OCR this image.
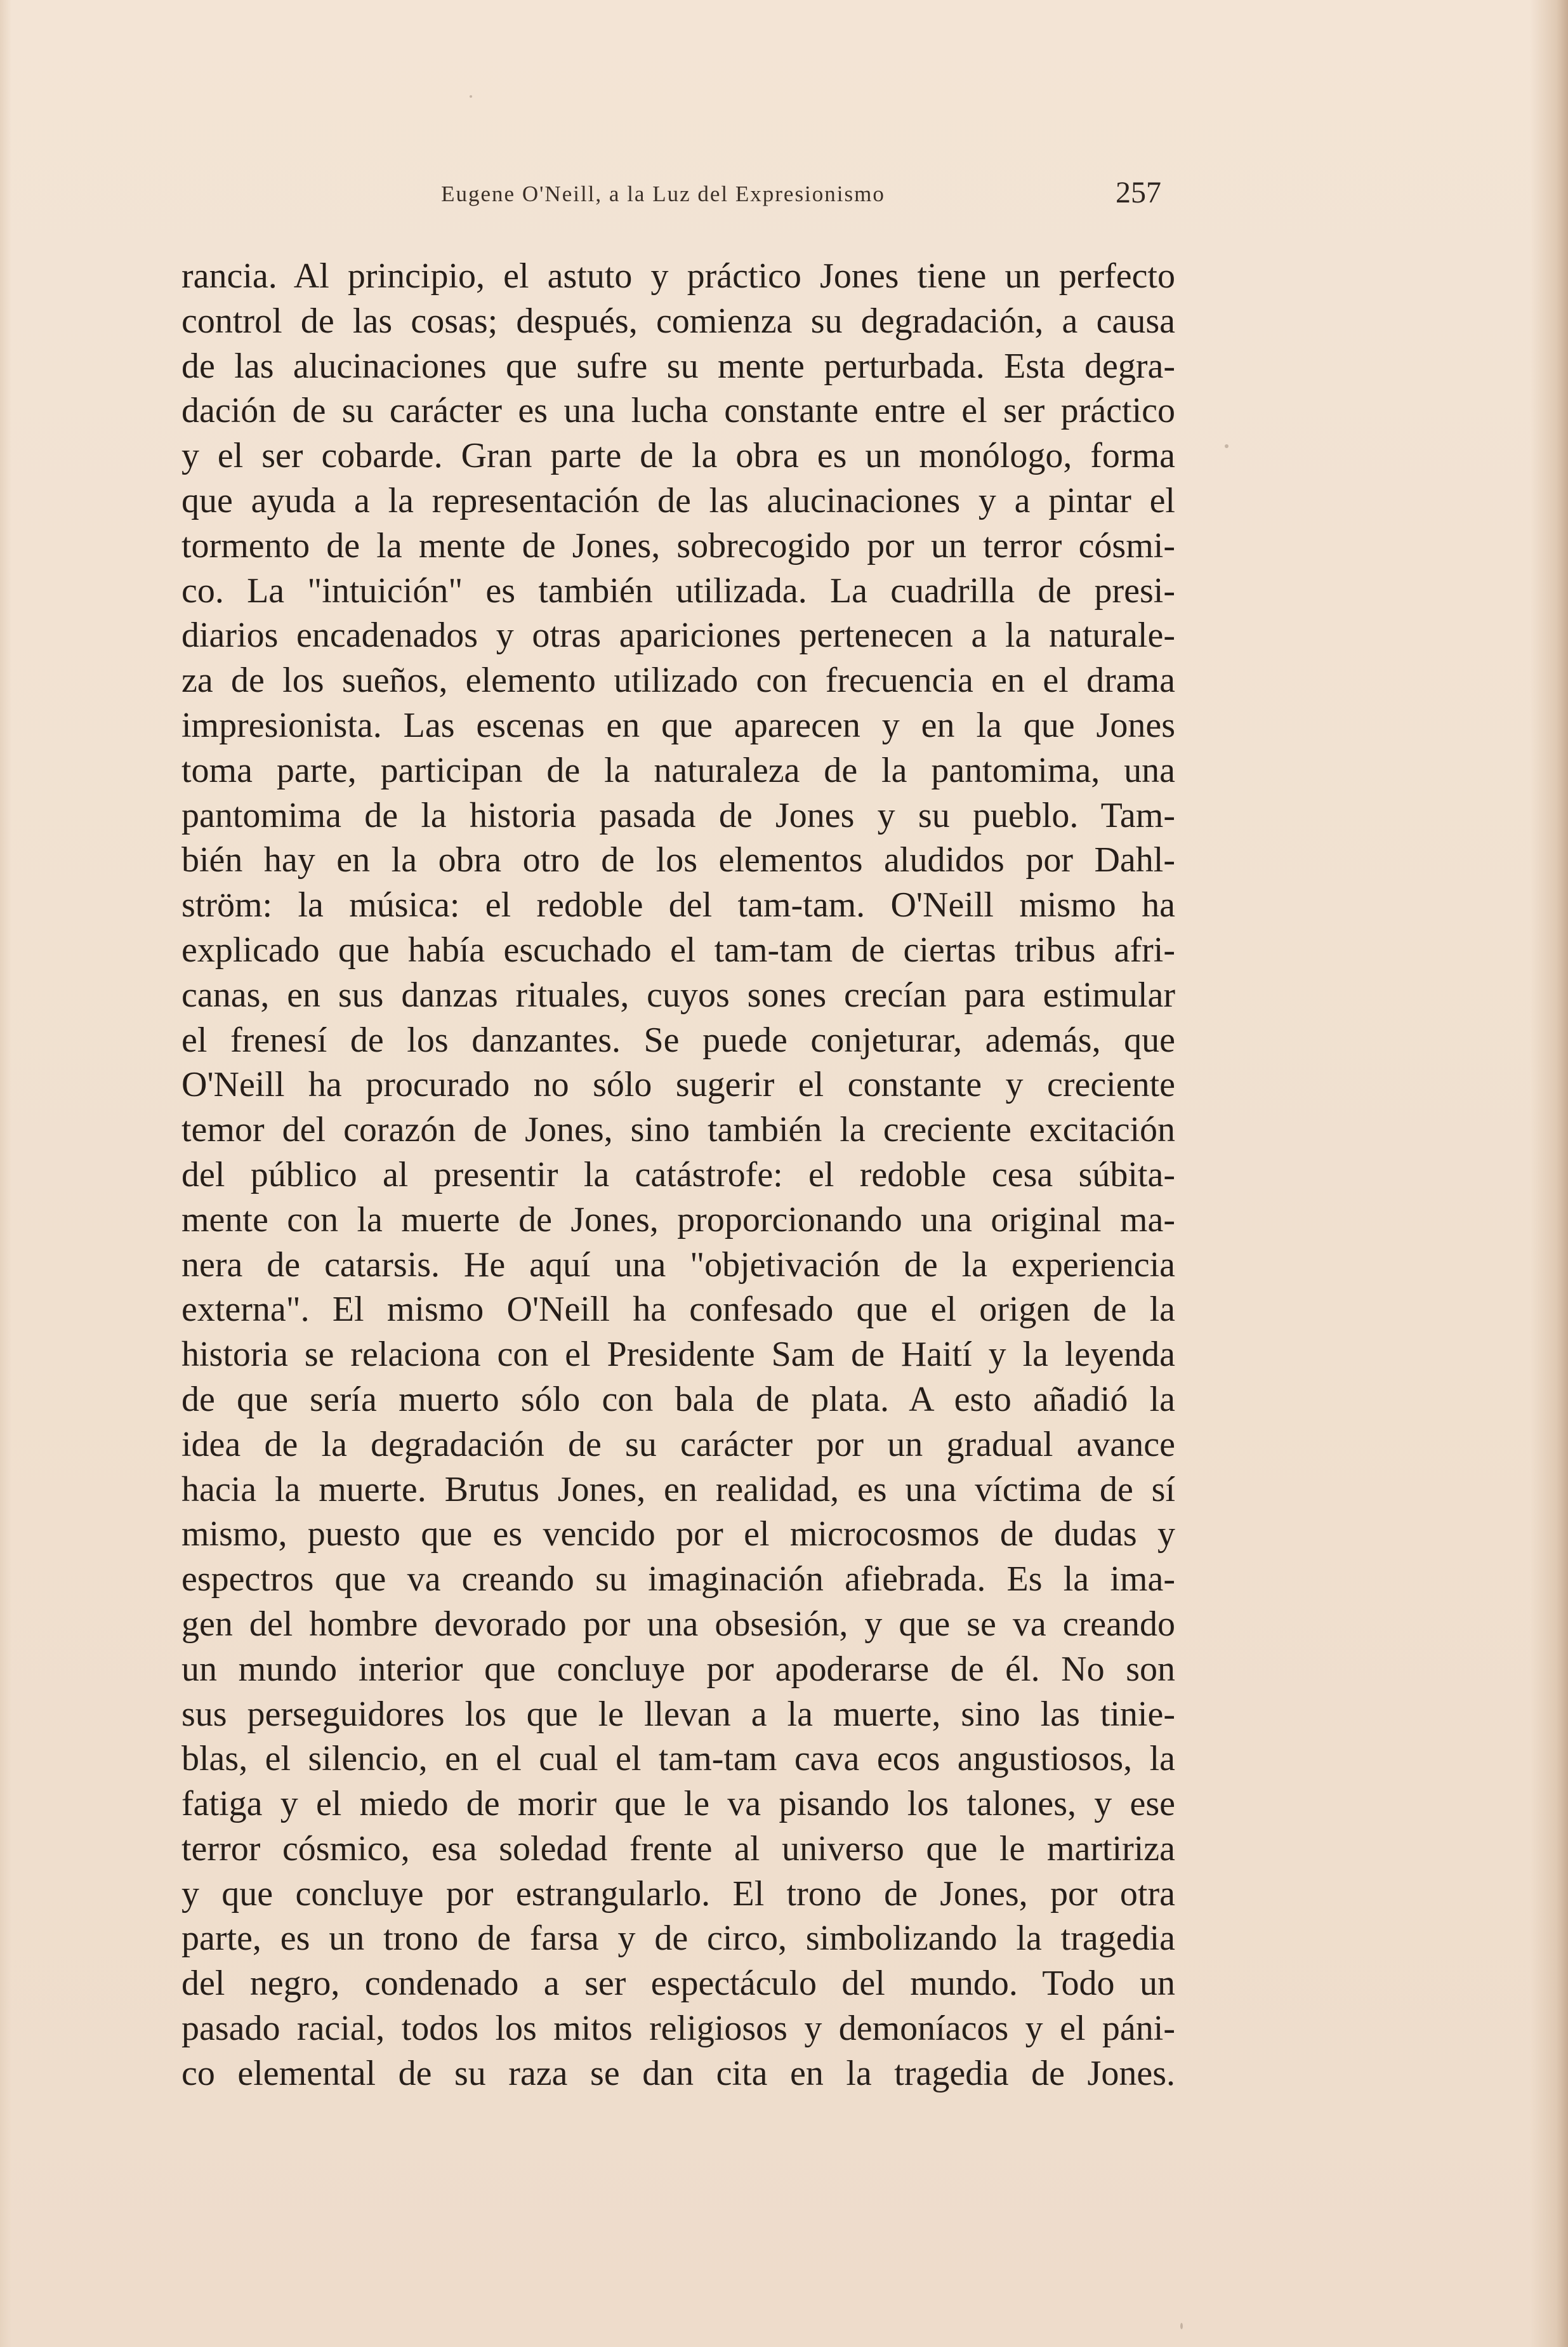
Eugene O'Neill, a la Luz del Expresionismo	257
rancia. Al principio, el astuto y práctico Jones tiene un perfecto
control de las cosas; después, comienza su degradación, a causa
de las alucinaciones que sufre su mente perturbada. Esta degra-
dación de su carácter es una lucha constante entre el ser práctico
y el ser cobarde. Gran parte de la obra es un monólogo, forma
que ayuda a la representación de las alucinaciones y a pintar el
tormento de la mente de Jones, sobrecogido por un terror cósmi-
co. La "intuición" es también utilizada. La cuadrilla de presi-
diarios encadenados y otras apariciones pertenecen a la naturale-
za de los sueños, elemento utilizado con frecuencia en el drama
impresionista. Las escenas en que aparecen y en la que Jones
toma parte, participan de la naturaleza de la pantomima, una
pantomima de la historia pasada de Jones y su pueblo. Tam-
bién hay en la obra otro de los elementos aludidos por Dahl-
ström: la música: el redoble del tam-tam. O'Neill mismo ha
explicado que había escuchado el tam-tam de ciertas tribus afri-
canas, en sus danzas rituales, cuyos sones crecían para estimular
el frenesí de los danzantes. Se puede conjeturar, además, que
O'Neill ha procurado no sólo sugerir el constante y creciente
temor del corazón de Jones, sino también la creciente excitación
del público al presentir la catástrofe: el redoble cesa súbita-
mente con la muerte de Jones, proporcionando una original ma-
nera de catarsis. He aquí una "objetivación de la experiencia
externa". El mismo O'Neill ha confesado que el origen de la
historia se relaciona con el Presidente Sam de Haití y la leyenda
de que sería muerto sólo con bala de plata. A esto añadió la
idea de la degradación de su carácter por un gradual avance
hacia la muerte. Brutus Jones, en realidad, es una víctima de sí
mismo, puesto que es vencido por el microcosmos de dudas y
espectros que va creando su imaginación afiebrada. Es la ima-
gen del hombre devorado por una obsesión, y que se va creando
un mundo interior que concluye por apoderarse de él. No son
sus perseguidores los que le llevan a la muerte, sino las tinie-
blas, el silencio, en el cual el tam-tam cava ecos angustiosos, la
fatiga y el miedo de morir que le va pisando los talones, y ese
terror cósmico, esa soledad frente al universo que le martiriza
y que concluye por estrangularlo. El trono de Jones, por otra
parte, es un trono de farsa y de circo, simbolizando la tragedia
del negro, condenado a ser espectáculo del mundo. Todo un
pasado racial, todos los mitos religiosos y demoníacos y el páni-
co elemental de su raza se dan cita en la tragedia de Jones.
